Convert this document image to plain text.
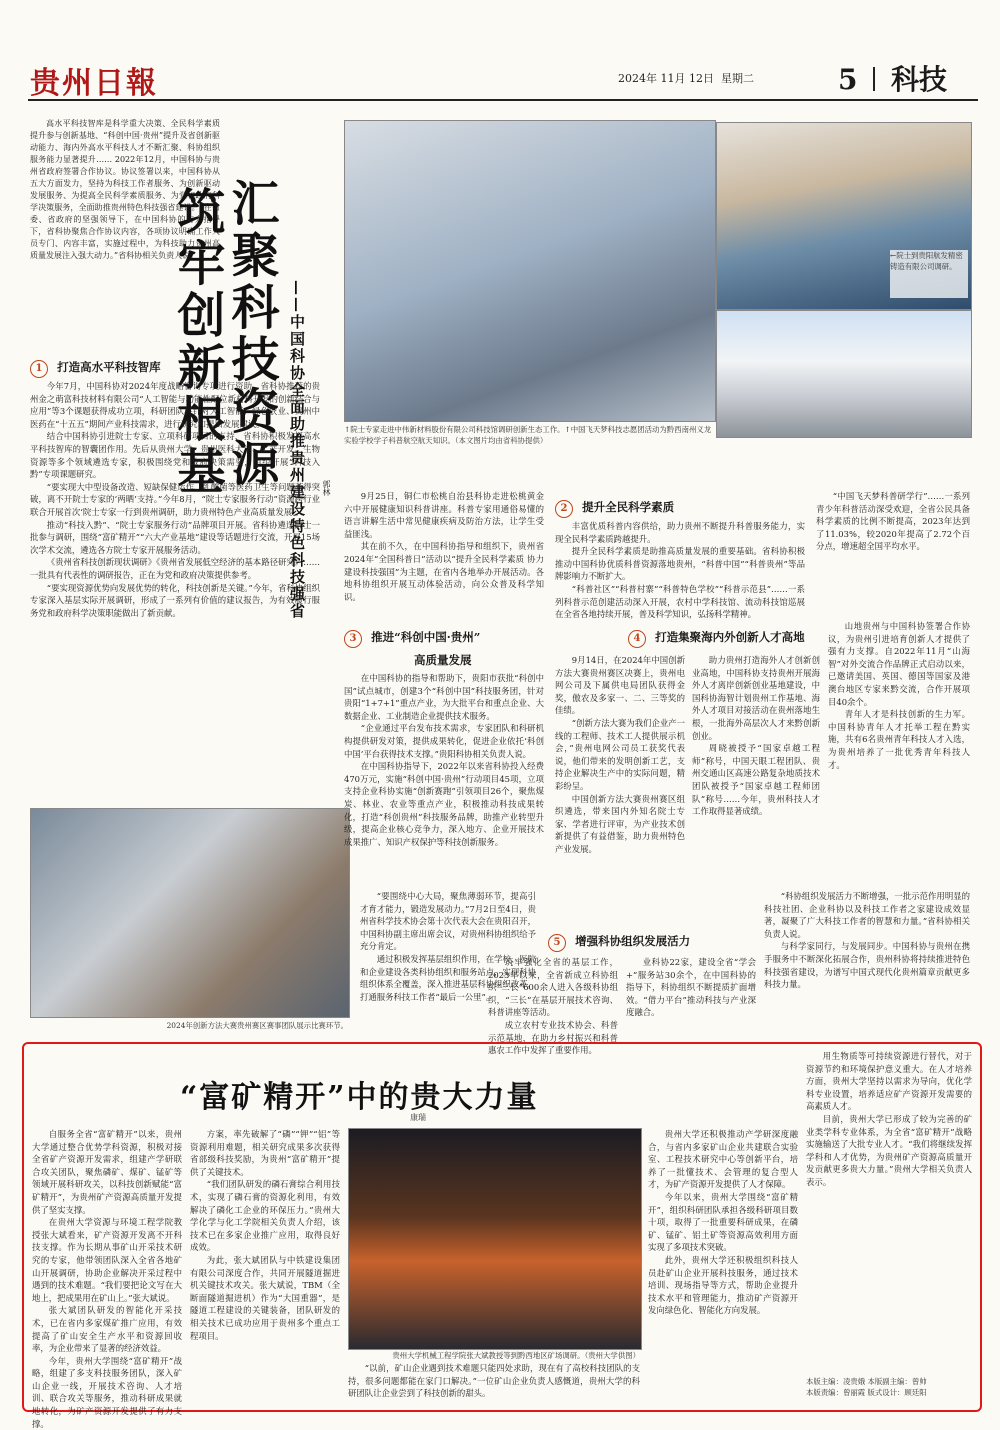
贵州日報	2024年 11月 12日 星期二	5 科技

高水平科技智库是科学重大决策、全民科学素质提升参与创新基地、“科创中国·贵州”提升及省创新驱动能力、海内外高水平科技人才不断汇聚、科协组织服务能力显著提升…… 2022年12月，中国科协与贵州省政府签署合作协议。协议签署以来，中国科协从五大方面发力，坚持为科技工作者服务、为创新驱动发展服务、为提高全民科学素质服务、为党和政府科学决策服务，全面助推贵州特色科技强省建设。“在省委、省政府的坚强领导下，在中国科协的有力指导下，省科协聚焦合作协议内容，各项协议明确工作人员专门、内容丰富，实施过程中，为科技助力贵州高质量发展注入强大动力。”省科协相关负责人说。 汇聚科技资源
筑牢创新根基	——中国科协全面助推贵州建设特色科技强省 郭林
←院士到贵阳航发精密铸造有限公司调研。
↑院士专家走进中伟新材料股份有限公司科技馆调研创新生态工作。↑中国飞天梦科技志愿团活动为黔西南州义龙实验学校学子科普航空航天知识。（本文图片均由省科协提供）
1 打造高水平科技智库

今年7月，中国科协对2024年度战略咨询专项进行资助，省科协推荐的贵州金之萌富科技材料有限公司“人工智能与功能性配位新材料开发的创新结合与应用”等3个课题获得成功立项，科研团队将针对人工智能、绿色农业、贵州中医药在“十五五”期间产业科技需求，进行研究和提出发展建议。

结合中国科协引进院士专家、立项科研项目的支持，省科协积极发挥高水平科技智库的智囊团作用。先后从贵州大学、贵州医科大学、矿产开发、生物资源等多个领域遴选专家，积极围绕党和政府决策需要，组织开展“科技入黔”专项课题研究。

“要实现大中型设备改造、短缺保健运作、乳酸菌等医药卫生等问题获得突破，离不开院士专家的‘两晒’支持。”今年8月，“院士专家服务行动”资源跨行业联合开展首次‘院士专家一行到贵州调研，助力贵州特色产业高质量发展’。

推动“科技入黔”、“院士专家服务行动”品牌项目开展。省科协遴选院士一批参与调研，围绕“富矿精开”“六大产业基地”建设等话题进行交流，开展15场次学术交流，遴选各方院士专家开展服务活动。

《贵州省科技创新现状调研》《贵州省发展低空经济的基本路径研究》……一批具有代表性的调研报告，正在为党和政府决策提供参考。

“要实现资源优势向发展优势的转化，科技创新是关键。”今年，省科协组织专家深入基层实际开展调研，形成了一系列有价值的建议报告，为有效履行服务党和政府科学决策职能做出了新贡献。

2024年创新方法大赛贵州赛区赛事团队展示比赛环节。
2 提升全民科学素质

9月25日，铜仁市松桃自治县科协走进松桃黄金六中开展健康知识科普讲座。科普专家用通俗易懂的语言讲解生活中常见健康疾病及防治方法，让学生受益匪浅。

其在前不久，在中国科协指导和组织下，贵州省2024年“全国科普日”活动以“提升全民科学素质 协力建设科技强国”为主题，在省内各地举办开展活动。各地科协组织开展互动体验活动，向公众普及科学知识。

丰富优质科普内容供给，助力贵州不断提升科普服务能力，实现全民科学素质跨越提升。

提升全民科学素质是助推高质量发展的重要基础。省科协积极推动中国科协优质科普资源落地贵州，“科普中国”“科普贵州”等品牌影响力不断扩大。

“科普社区”“科普村寨”“科普特色学校”“科普示范县”……一系列科普示范创建活动深入开展，农村中学科技馆、流动科技馆巡展在全省各地持续开展，普及科学知识，弘扬科学精神。

“中国飞天梦科普研学行”……一系列青少年科普活动深受欢迎，全省公民具备科学素质的比例不断提高，2023年达到了11.03%，较2020年提高了2.72个百分点，增速超全国平均水平。

3 推进“科创中国·贵州”
高质量发展

在中国科协的指导和帮助下，贵阳市获批“科创中国”试点城市，创建3个“科创中国”科技服务团，针对贵阳“1+7+1”重点产业，为大批平台和重点企业、大数据企业、工业制造企业提供技术服务。

“企业通过平台发布技术需求，专家团队和科研机构提供研发对策，提供成果转化，促进企业依托‘科创中国’平台获得技术支撑。”贵阳科协相关负责人说。

在中国科协指导下，2022年以来省科协投入经费470万元，实施“科创中国·贵州”行动项目45项，立项支持企业科协实施“创新赛跑”引领项目26个，聚焦煤炭、林业、农业等重点产业，积极推动科技成果转化，打造“科创贵州”科技服务品牌，助推产业转型升级，提高企业核心竞争力，深入地方、企业开展技术成果推广、知识产权保护等科技创新服务。

4 打造集聚海内外创新人才高地

9月14日，在2024年中国创新方法大赛贵州赛区决赛上，贵州电网公司及下属供电局团队获得金奖，傲农及多家一、二、三等奖的佳绩。

“创新方法大赛为我们企业产一线的工程师、技术工人提供展示机会，”贵州电网公司员工获奖代表说，他们带来的发明创新工艺，支持企业解决生产中的实际问题，精彩纷呈。

中国创新方法大赛贵州赛区组织遴选，带来国内外知名院士专家、学者进行评审，为产业技术创新提供了有益借鉴，助力贵州特色产业发展。

助力贵州打造海外人才创新创业高地，中国科协支持贵州开展海外人才离岸创新创业基地建设，中国科协海智计划贵州工作基地、海外人才项目对接活动在贵州落地生根，一批海外高层次人才来黔创新创业。

周晓被授予“国家卓越工程师”称号，中国天眼工程团队、贵州交通山区高速公路复杂地质技术团队被授予“国家卓越工程师团队”称号……今年，贵州科技人才工作取得显著成绩。

山地贵州与中国科协签署合作协议，为贵州引进培育创新人才提供了强有力支撑。自2022年11月“山海智”对外交流合作品牌正式启动以来，已邀请美国、英国、德国等国家及港澳台地区专家来黔交流，合作开展项目40余个。

青年人才是科技创新的生力军。中国科协青年人才托举工程在黔实施，共有6名贵州青年科技人才入选，为贵州培养了一批优秀青年科技人才。

5 增强科协组织发展活力

“要围绕中心大局，聚焦薄弱环节，提高引才育才能力，锻造发展动力。”7月2日至4日，贵州省科学技术协会第十次代表大会在贵阳召开，中国科协副主席出席会议，对贵州科协组织给予充分肯定。

通过积极发挥基层组织作用，在学校、医院和企业建设各类科协组织和服务站点，实现科协组织体系全覆盖，深入推进基层科协组织改革，打通服务科技工作者“最后一公里”。

筑牢强化全省的基层工作，2023年以来，全省新成立科协组织“三长”600余人进入各级科协组织，“三长”在基层开展技术咨询、科普讲座等活动。

成立农村专业技术协会、科普示范基地，在助力乡村振兴和科普惠农工作中发挥了重要作用。

业科协22家，建设全省“学会+”服务站30余个，在中国科协的指导下，科协组织不断提质扩面增效。“借力平台”推动科技与产业深度融合。

“科协组织发展活力不断增强，一批示范作用明显的科技社团、企业科协以及科技工作者之家建设成效显著，凝聚了广大科技工作者的智慧和力量。”省科协相关负责人说。

与科学家同行，与发展同步。中国科协与贵州在携手服务中不断深化拓展合作，贵州科协将持续推进特色科技强省建设，为谱写中国式现代化贵州篇章贡献更多科技力量。

“富矿精开”中的贵大力量
康瑞

自服务全省“富矿精开”以来，贵州大学通过整合优势学科资源，积极对接全省矿产资源开发需求，组建产学研联合攻关团队，聚焦磷矿、煤矿、锰矿等领域开展科研攻关，以科技创新赋能“富矿精开”，为贵州矿产资源高质量开发提供了坚实支撑。

在贵州大学资源与环境工程学院教授张大斌看来，矿产资源开发离不开科技支撑。作为长期从事矿山开采技术研究的专家，他带领团队深入全省各地矿山开展调研，协助企业解决开采过程中遇到的技术难题。“我们要把论文写在大地上，把成果用在矿山上。”张大斌说。

张大斌团队研发的智能化开采技术，已在省内多家煤矿推广应用，有效提高了矿山安全生产水平和资源回收率，为企业带来了显著的经济效益。

今年，贵州大学围绕“富矿精开”战略，组建了多支科技服务团队，深入矿山企业一线，开展技术咨询、人才培训、联合攻关等服务，推动科研成果就地转化，为矿产资源开发提供了有力支撑。

方案，率先破解了“磷”“钾”“铝”等资源利用难题，相关研究成果多次获得省部级科技奖励，为贵州“富矿精开”提供了关键技术。

“我们团队研发的磷石膏综合利用技术，实现了磷石膏的资源化利用，有效解决了磷化工企业的环保压力。”贵州大学化学与化工学院相关负责人介绍，该技术已在多家企业推广应用，取得良好成效。

为此，张大斌团队与中铁建设集团有限公司深度合作，共同开展隧道掘进机关键技术攻关。张大斌说，TBM（全断面隧道掘进机）作为“大国重器”，是隧道工程建设的关键装备，团队研发的相关技术已成功应用于贵州多个重点工程项目。

贵州大学机械工程学院张大斌教授等到黔西地区矿场调研。（贵州大学供图）

“以前，矿山企业遇到技术难题只能四处求助，现在有了高校科技团队的支持，很多问题都能在家门口解决。”一位矿山企业负责人感慨道，贵州大学的科研团队让企业尝到了科技创新的甜头。

贵州大学还积极推动产学研深度融合，与省内多家矿山企业共建联合实验室、工程技术研究中心等创新平台，培养了一批懂技术、会管理的复合型人才，为矿产资源开发提供了人才保障。

今年以来，贵州大学围绕“富矿精开”，组织科研团队承担各级科研项目数十项，取得了一批重要科研成果，在磷矿、锰矿、铝土矿等资源高效利用方面实现了多项技术突破。

此外，贵州大学还积极组织科技人员赴矿山企业开展科技服务，通过技术培训、现场指导等方式，帮助企业提升技术水平和管理能力，推动矿产资源开发向绿色化、智能化方向发展。

用生物质等可持续资源进行替代，对于资源节约和环境保护意义重大。在人才培养方面，贵州大学坚持以需求为导向，优化学科专业设置，培养适应矿产资源开发需要的高素质人才。

目前，贵州大学已形成了较为完善的矿业类学科专业体系，为全省“富矿精开”战略实施输送了大批专业人才。“我们将继续发挥学科和人才优势，为贵州矿产资源高质量开发贡献更多贵大力量。”贵州大学相关负责人表示。

本版主编：凌贵娥 本版副主编：曾帅
本版责编：曾丽霞 版式设计：顾廷阳
